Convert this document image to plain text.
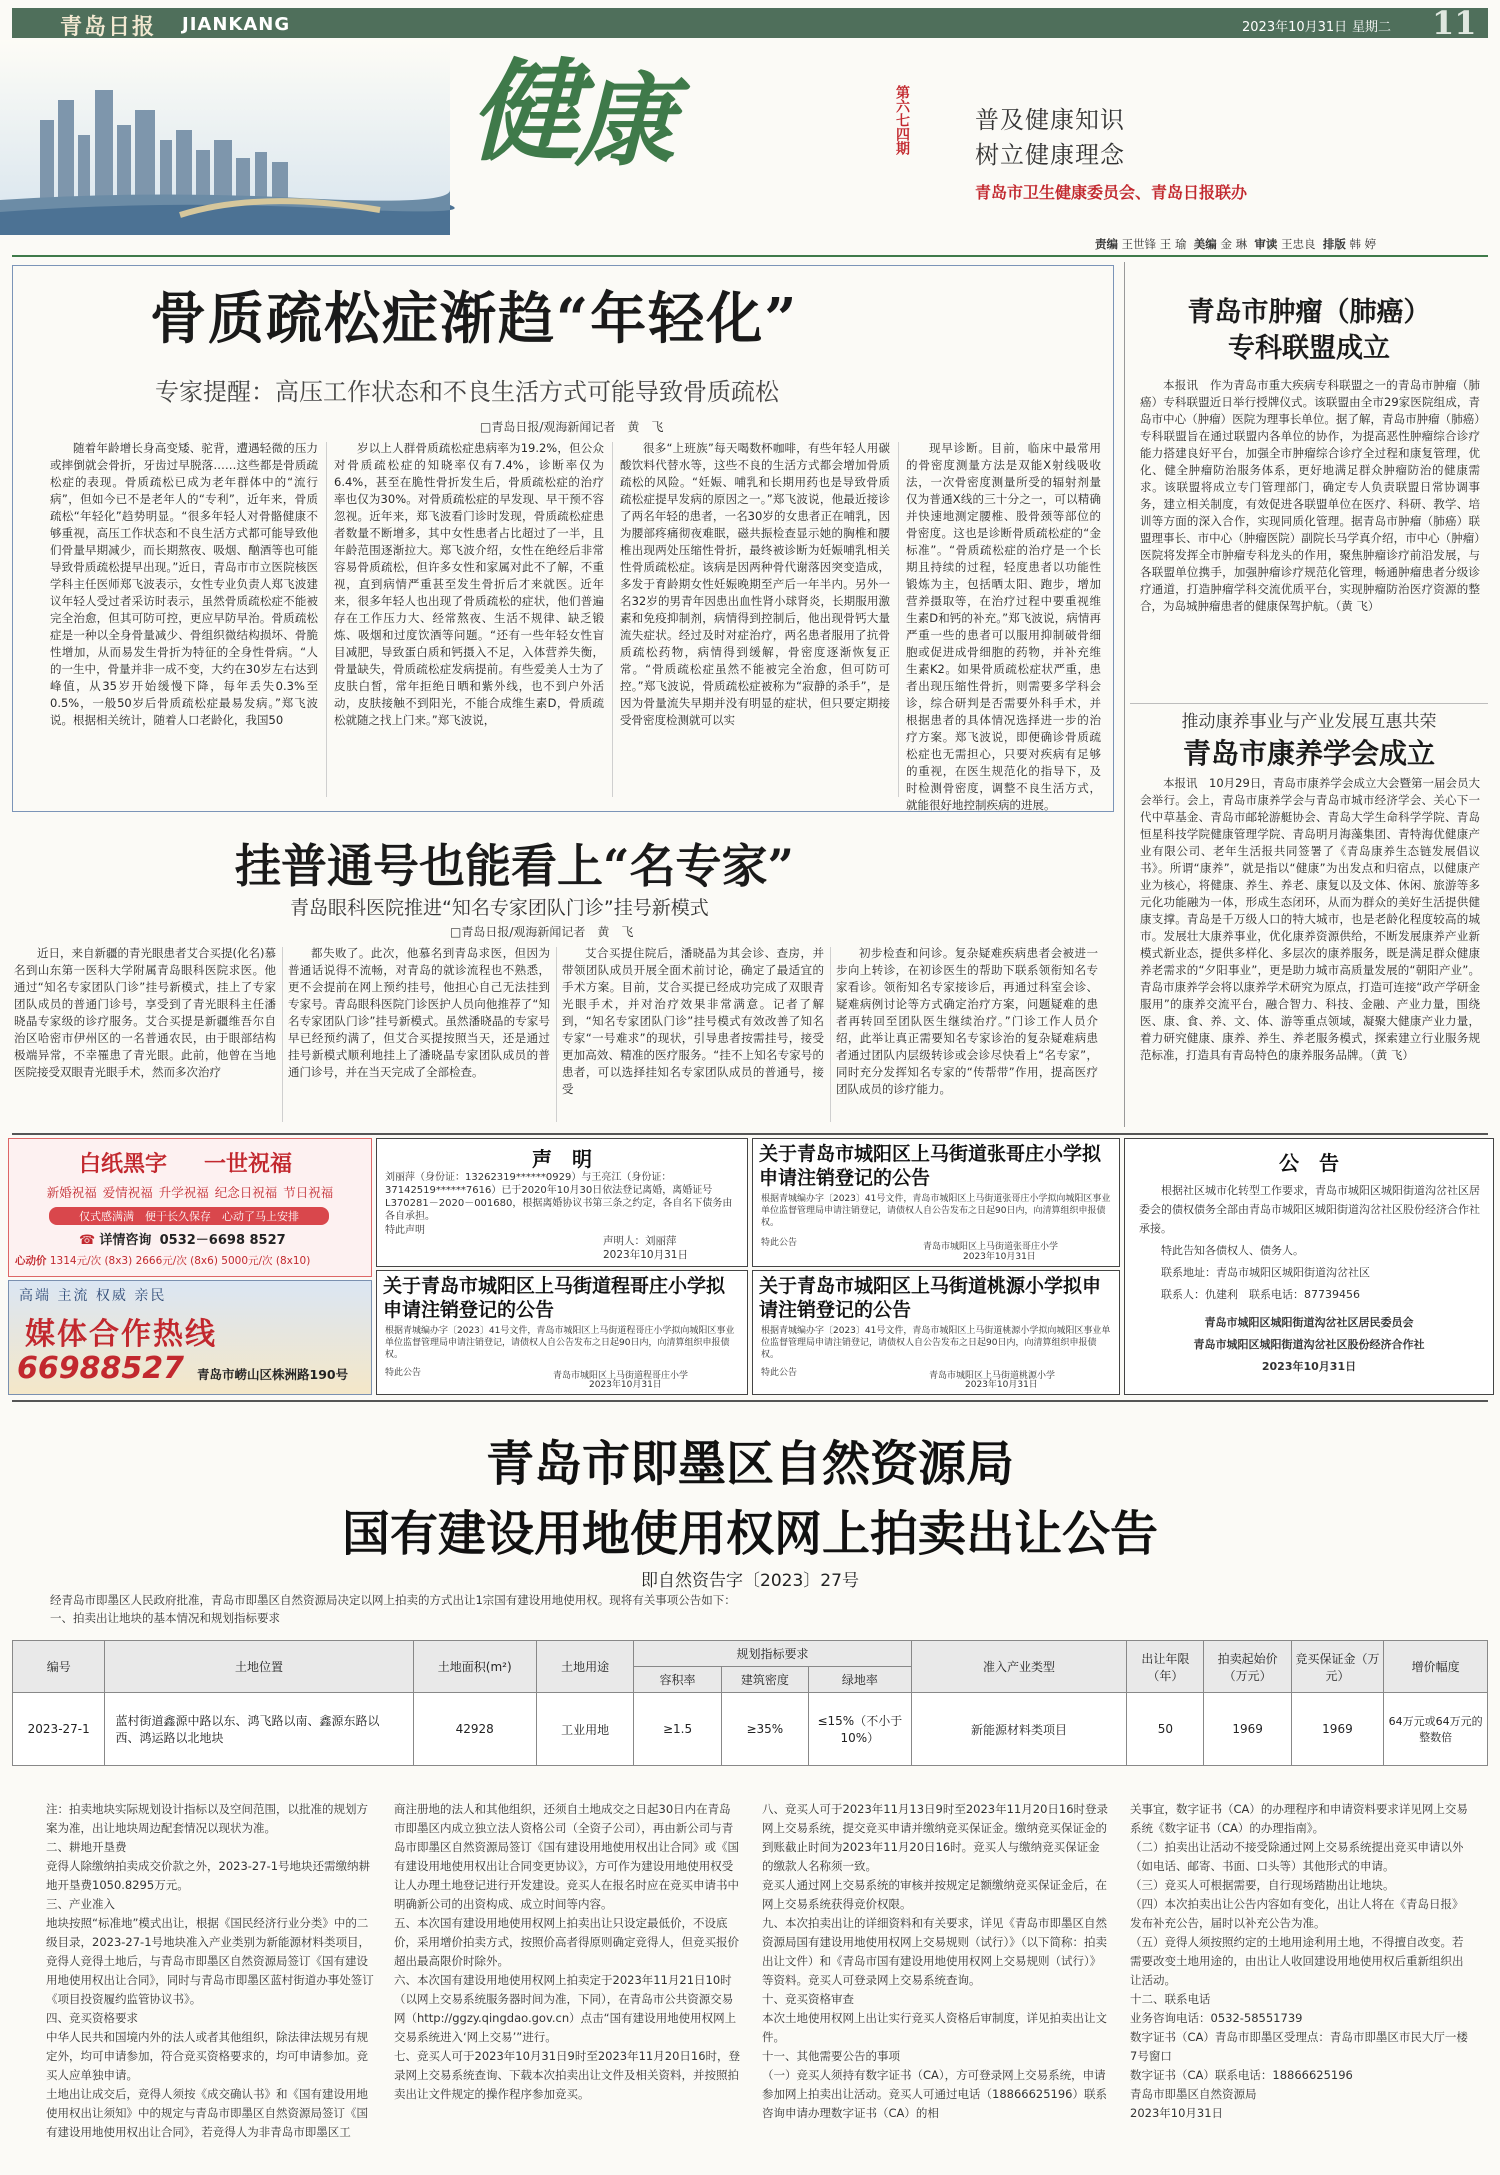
青岛日报 JIANKANG	2023年10月31日 星期二 11
健
康	第六七四期	普及健康知识
树立健康理念
青岛市卫生健康委员会、青岛日报联办
责编 王世锋 王 瑜 美编 金 琳 审读 王忠良 排版 韩 婷
骨质疏松症渐趋“年轻化”
专家提醒：高压工作状态和不良生活方式可能导致骨质疏松
□青岛日报/观海新闻记者　黄　飞
随着年龄增长身高变矮、驼背，遭遇轻微的压力或摔倒就会骨折，牙齿过早脱落……这些都是骨质疏松症的表现。骨质疏松已成为老年群体中的“流行病”，但如今已不是老年人的“专利”，近年来，骨质疏松“年轻化”趋势明显。“很多年轻人对骨骼健康不够重视，高压工作状态和不良生活方式都可能导致他们骨量早期减少，而长期熬夜、吸烟、酗酒等也可能导致骨质疏松提早出现。”近日，青岛市市立医院核医学科主任医师郑飞波表示，女性专业负责人郑飞波建议年轻人受过者采访时表示，虽然骨质疏松症不能被完全治愈，但其可防可控，更应早防早治。骨质疏松症是一种以全身骨量减少、骨组织微结构损坏、骨脆性增加，从而易发生骨折为特征的全身性骨病。“人的一生中，骨量并非一成不变，大约在30岁左右达到峰值，从35岁开始缓慢下降，每年丢失0.3%至0.5%，一般50岁后骨质疏松症最易发病。”郑飞波说。根据相关统计，随着人口老龄化，我国50
岁以上人群骨质疏松症患病率为19.2%，但公众对骨质疏松症的知晓率仅有7.4%，诊断率仅为6.4%，甚至在脆性骨折发生后，骨质疏松症的治疗率也仅为30%。对骨质疏松症的早发现、早干预不容忽视。近年来，郑飞波看门诊时发现，骨质疏松症患者数量不断增多，其中女性患者占比超过了一半，且年龄范围逐渐拉大。郑飞波介绍，女性在绝经后非常容易骨质疏松，但许多女性和家属对此不了解，不重视，直到病情严重甚至发生骨折后才来就医。近年来，很多年轻人也出现了骨质疏松的症状，他们普遍存在工作压力大、经常熬夜、生活不规律、缺乏锻炼、吸烟和过度饮酒等问题。“还有一些年轻女性盲目减肥，导致蛋白质和钙摄入不足，入体营养失衡，骨量缺失，骨质疏松症发病提前。有些爱美人士为了皮肤白皙，常年拒绝日晒和紫外线，也不到户外活动，皮肤接触不到阳光，不能合成维生素D，骨质疏松就随之找上门来。”郑飞波说，
很多“上班族”每天喝数杯咖啡，有些年轻人用碳酸饮料代替水等，这些不良的生活方式都会增加骨质疏松的风险。“妊娠、哺乳和长期用药也是导致骨质疏松症提早发病的原因之一。”郑飞波说，他最近接诊了两名年轻的患者，一名30岁的女患者正在哺乳，因为腰部疼痛彻夜难眠，磁共振检查显示她的胸椎和腰椎出现两处压缩性骨折，最终被诊断为妊娠哺乳相关性骨质疏松症。该病是因两种骨代谢落因突变造成，多发于育龄期女性妊娠晚期至产后一年半内。另外一名32岁的男青年因患出血性肾小球肾炎，长期服用激素和免疫抑制剂，病情得到控制后，他出现骨钙大量流失症状。经过及时对症治疗，两名患者服用了抗骨质疏松药物，病情得到缓解，骨密度逐渐恢复正常。“骨质疏松症虽然不能被完全治愈，但可防可控。”郑飞波说，骨质疏松症被称为“寂静的杀手”，是因为骨量流失早期并没有明显的症状，但只要定期接受骨密度检测就可以实
现早诊断。目前，临床中最常用的骨密度测量方法是双能X射线吸收法，一次骨密度测量所受的辐射剂量仅为普通X线的三十分之一，可以精确并快速地测定腰椎、股骨颈等部位的骨密度。这也是诊断骨质疏松症的“金标准”。“骨质疏松症的治疗是一个长期且持续的过程，轻度患者以功能性锻炼为主，包括晒太阳、跑步，增加营养摄取等，在治疗过程中要重视维生素D和钙的补充。”郑飞波说，病情再严重一些的患者可以服用抑制破骨细胞或促进成骨细胞的药物，并补充维生素K2。如果骨质疏松症状严重，患者出现压缩性骨折，则需要多学科会诊，综合研判是否需要外科手术，并根据患者的具体情况选择进一步的治疗方案。郑飞波说，即便确诊骨质疏松症也无需担心，只要对疾病有足够的重视，在医生规范化的指导下，及时检测骨密度，调整不良生活方式，就能很好地控制疾病的进展。
挂普通号也能看上“名专家”
青岛眼科医院推进“知名专家团队门诊”挂号新模式
□青岛日报/观海新闻记者　黄　飞
近日，来自新疆的青光眼患者艾合买提(化名)慕名到山东第一医科大学附属青岛眼科医院求医。他通过“知名专家团队门诊”挂号新模式，挂上了专家团队成员的普通门诊号，享受到了青光眼科主任潘晓晶专家级的诊疗服务。艾合买提是新疆维吾尔自治区哈密市伊州区的一名普通农民，由于眼部结构极端异常，不幸罹患了青光眼。此前，他曾在当地医院接受双眼青光眼手术，然而多次治疗
都失败了。此次，他慕名到青岛求医，但因为普通话说得不流畅，对青岛的就诊流程也不熟悉，更不会提前在网上预约挂号，他担心自己无法挂到专家号。青岛眼科医院门诊医护人员向他推荐了“知名专家团队门诊”挂号新模式。虽然潘晓晶的专家号早已经预约满了，但艾合买提按照当天，还是通过挂号新模式顺利地挂上了潘晓晶专家团队成员的普通门诊号，并在当天完成了全部检查。
艾合买提住院后，潘晓晶为其会诊、查房，并带领团队成员开展全面术前讨论，确定了最适宜的手术方案。目前，艾合买提已经成功完成了双眼青光眼手术，并对治疗效果非常满意。记者了解到，“知名专家团队门诊”挂号模式有效改善了知名专家“一号难求”的现状，引导患者按需挂号，接受更加高效、精准的医疗服务。“挂不上知名专家号的患者，可以选择挂知名专家团队成员的普通号，接受
初步检查和问诊。复杂疑难疾病患者会被进一步向上转诊，在初诊医生的帮助下联系领衔知名专家看诊。领衔知名专家接诊后，再通过科室会诊、疑难病例讨论等方式确定治疗方案，问题疑难的患者再转回至团队医生继续治疗。”门诊工作人员介绍，此举让真正需要知名专家诊治的复杂疑难病患者通过团队内层级转诊或会诊尽快看上“名专家”，同时充分发挥知名专家的“传帮带”作用，提高医疗团队成员的诊疗能力。
青岛市肿瘤（肺癌）
专科联盟成立
本报讯　作为青岛市重大疾病专科联盟之一的青岛市肿瘤（肺癌）专科联盟近日举行授牌仪式。该联盟由全市29家医院组成，青岛市中心（肿瘤）医院为理事长单位。据了解，青岛市肿瘤（肺癌）专科联盟旨在通过联盟内各单位的协作，为提高恶性肿瘤综合诊疗能力搭建良好平台，加强全市肿瘤综合诊疗全过程和康复管理，优化、健全肿瘤防治服务体系，更好地满足群众肿瘤防治的健康需求。该联盟将成立专门管理部门，确定专人负责联盟日常协调事务，建立相关制度，有效促进各联盟单位在医疗、科研、教学、培训等方面的深入合作，实现同质化管理。据青岛市肿瘤（肺癌）联盟理事长、市中心（肿瘤医院）副院长马学真介绍，市中心（肿瘤）医院将发挥全市肿瘤专科龙头的作用，聚焦肿瘤诊疗前沿发展，与各联盟单位携手，加强肿瘤诊疗规范化管理，畅通肿瘤患者分级诊疗通道，打造肿瘤学科交流优质平台，实现肿瘤防治医疗资源的整合，为岛城肿瘤患者的健康保驾护航。（黄 飞）
推动康养事业与产业发展互惠共荣
青岛市康养学会成立
本报讯　10月29日，青岛市康养学会成立大会暨第一届会员大会举行。会上，青岛市康养学会与青岛市城市经济学会、关心下一代中草基金、青岛市邮轮游艇协会、青岛大学生命科学学院、青岛恒星科技学院健康管理学院、青岛明月海藻集团、青特海优健康产业有限公司、老年生活报共同签署了《青岛康养生态链发展倡议书》。所谓“康养”，就是指以“健康”为出发点和归宿点，以健康产业为核心，将健康、养生、养老、康复以及文体、休闲、旅游等多元化功能融为一体，形成生态闭环，从而为群众的美好生活提供健康支撑。青岛是千万级人口的特大城市，也是老龄化程度较高的城市。发展壮大康养事业，优化康养资源供给，不断发展康养产业新模式新业态，提供多样化、多层次的康养服务，既是满足群众健康养老需求的“夕阳事业”，更是助力城市高质量发展的“朝阳产业”。青岛市康养学会将以康养学术研究为原点，打造可连接“政产学研金服用”的康养交流平台，融合智力、科技、金融、产业力量，围绕医、康、食、养、文、体、游等重点领域，凝聚大健康产业力量，着力研究健康、康养、养生、养老服务模式，探索建立行业服务规范标准，打造具有青岛特色的康养服务品牌。（黄 飞）
白纸黑字 一世祝福
新婚祝福 爱情祝福 升学祝福 纪念日祝福 节日祝福
仅式感满满　便于长久保存　心动了马上安排
☎ 详情咨询 0532－6698 8527
心动价 1314元/次 (8x3) 2666元/次 (8x6) 5000元/次 (8x10)
高端 主流 权威 亲民
媒体合作热线
66988527 青岛市崂山区株洲路190号
声　明
刘丽萍（身份证：13262319******0929）与王亮江（身份证：37142519******7616）已于2020年10月30日依法登记离婚，离婚证号L370281－2020－001680，根据离婚协议书第三条之约定，各自名下债务由各自承担。
特此声明
声明人：刘丽萍
2023年10月31日
关于青岛市城阳区上马街道张哥庄小学拟申请注销登记的公告
根据青城编办字〔2023〕41号文件，青岛市城阳区上马街道张哥庄小学拟向城阳区事业单位监督管理局申请注销登记，请债权人自公告发布之日起90日内，向清算组织申报债权。
特此公告	青岛市城阳区上马街道张哥庄小学
2023年10月31日
关于青岛市城阳区上马街道程哥庄小学拟申请注销登记的公告
根据青城编办字〔2023〕41号文件，青岛市城阳区上马街道程哥庄小学拟向城阳区事业单位监督管理局申请注销登记，请债权人自公告发布之日起90日内，向清算组织申报债权。
特此公告	青岛市城阳区上马街道程哥庄小学
2023年10月31日
关于青岛市城阳区上马街道桃源小学拟申请注销登记的公告
根据青城编办字〔2023〕41号文件，青岛市城阳区上马街道桃源小学拟向城阳区事业单位监督管理局申请注销登记，请债权人自公告发布之日起90日内，向清算组织申报债权。
特此公告	青岛市城阳区上马街道桃源小学
2023年10月31日
公　告
根据社区城市化转型工作要求，青岛市城阳区城阳街道沟岔社区居委会的债权债务全部由青岛市城阳区城阳街道沟岔社区股份经济合作社承接。
特此告知各债权人、债务人。
联系地址：青岛市城阳区城阳街道沟岔社区
联系人：仇建利　联系电话：87739456
青岛市城阳区城阳街道沟岔社区居民委员会
青岛市城阳区城阳街道沟岔社区股份经济合作社
2023年10月31日
青岛市即墨区自然资源局
国有建设用地使用权网上拍卖出让公告
即自然资告字〔2023〕27号
经青岛市即墨区人民政府批准，青岛市即墨区自然资源局决定以网上拍卖的方式出让1宗国有建设用地使用权。现将有关事项公告如下：
一、拍卖出让地块的基本情况和规划指标要求
编号	土地位置	土地面积(m²)	土地用途	规划指标要求			准入产业类型	出让年限（年）	拍卖起始价（万元）	竞买保证金（万元）	增价幅度
				容积率	建筑密度	绿地率					
2023-27-1	蓝村街道鑫源中路以东、鸿飞路以南、鑫源东路以西、鸿运路以北地块	42928	工业用地	≥1.5	≥35%	≤15%（不小于10%）	新能源材料类项目	50	1969	1969	64万元或64万元的整数倍
注：拍卖地块实际规划设计指标以及空间范围，以批准的规划方案为准，出让地块周边配套情况以现状为准。
二、耕地开垦费
竞得人除缴纳拍卖成交价款之外，2023-27-1号地块还需缴纳耕地开垦费1050.8295万元。
三、产业准入
地块按照“标准地”模式出让，根据《国民经济行业分类》中的二级目录，2023-27-1号地块准入产业类别为新能源材料类项目，竞得人竞得土地后，与青岛市即墨区自然资源局签订《国有建设用地使用权出让合同》，同时与青岛市即墨区蓝村街道办事处签订《项目投资履约监管协议书》。
四、竞买资格要求
中华人民共和国境内外的法人或者其他组织，除法律法规另有规定外，均可申请参加，符合竞买资格要求的，均可申请参加。竞买人应单独申请。
土地出让成交后，竞得人须按《成交确认书》和《国有建设用地使用权出让须知》中的规定与青岛市即墨区自然资源局签订《国有建设用地使用权出让合同》，若竞得人为非青岛市即墨区工
商注册地的法人和其他组织，还须自土地成交之日起30日内在青岛市即墨区内成立独立法人资格公司（全资子公司），再由新公司与青岛市即墨区自然资源局签订《国有建设用地使用权出让合同》或《国有建设用地使用权出让合同变更协议》，方可作为建设用地使用权受让人办理土地登记进行开发建设。竞买人在报名时应在竞买申请书中明确新公司的出资构成、成立时间等内容。
五、本次国有建设用地使用权网上拍卖出让只设定最低价，不设底价，采用增价拍卖方式，按照价高者得原则确定竞得人，但竞买报价超出最高限价时除外。
六、本次国有建设用地使用权网上拍卖定于2023年11月21日10时（以网上交易系统服务器时间为准，下同），在青岛市公共资源交易网（http://ggzy.qingdao.gov.cn）点击“国有建设用地使用权网上交易系统进入‘网上交易’”进行。
七、竞买人可于2023年10月31日9时至2023年11月20日16时，登录网上交易系统查询、下载本次拍卖出让文件及相关资料，并按照拍卖出让文件规定的操作程序参加竞买。
八、竞买人可于2023年11月13日9时至2023年11月20日16时登录网上交易系统，提交竞买申请并缴纳竞买保证金。缴纳竞买保证金的到账截止时间为2023年11月20日16时。竞买人与缴纳竞买保证金的缴款人名称须一致。
竞买人通过网上交易系统的审核并按规定足额缴纳竞买保证金后，在网上交易系统获得竞价权限。
九、本次拍卖出让的详细资料和有关要求，详见《青岛市即墨区自然资源局国有建设用地使用权网上交易规则（试行）》（以下简称：拍卖出让文件）和《青岛市国有建设用地使用权网上交易规则（试行）》等资料。竞买人可登录网上交易系统查询。
十、竞买资格审查
本次土地使用权网上出让实行竞买人资格后审制度，详见拍卖出让文件。
十一、其他需要公告的事项
（一）竞买人须持有数字证书（CA），方可登录网上交易系统，申请参加网上拍卖出让活动。竞买人可通过电话（18866625196）联系咨询申请办理数字证书（CA）的相
关事宜，数字证书（CA）的办理程序和申请资料要求详见网上交易系统《数字证书（CA）的办理指南》。
（二）拍卖出让活动不接受除通过网上交易系统提出竞买申请以外（如电话、邮寄、书面、口头等）其他形式的申请。
（三）竞买人可根据需要，自行现场踏勘出让地块。
（四）本次拍卖出让公告内容如有变化，出让人将在《青岛日报》发布补充公告，届时以补充公告为准。
（五）竞得人须按照约定的土地用途利用土地，不得擅自改变。若需要改变土地用途的，由出让人收回建设用地使用权后重新组织出让活动。
十二、联系电话
业务咨询电话：0532-58551739
数字证书（CA）青岛市即墨区受理点：青岛市即墨区市民大厅一楼7号窗口
数字证书（CA）联系电话：18866625196
青岛市即墨区自然资源局
2023年10月31日
